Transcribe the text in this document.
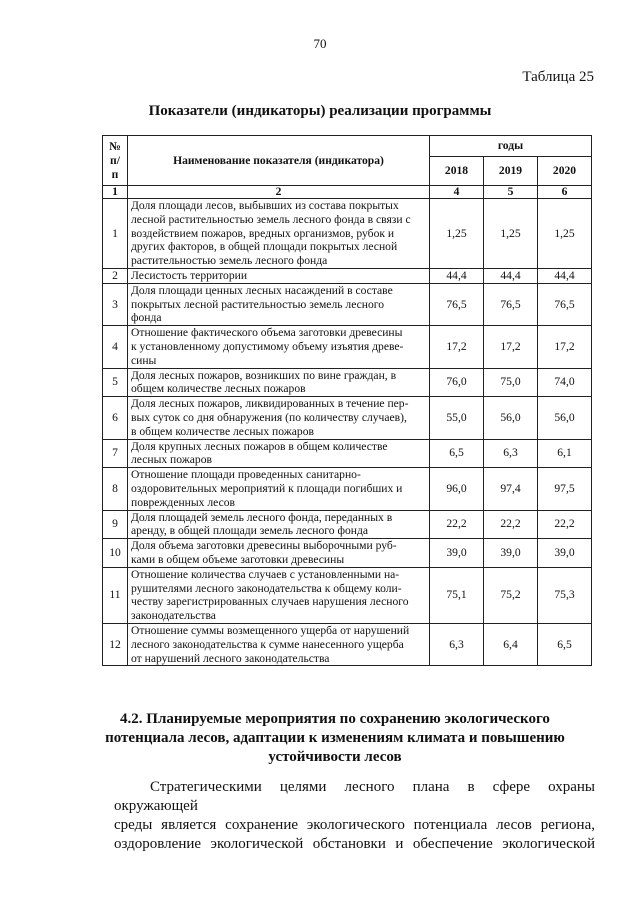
70
Таблица 25
Показатели (индикаторы) реализации программы
№
п/
п	Наименование показателя (индикатора)	годы		
		2018	2019	2020
1	2	4	5	6
1	Доля площади лесов, выбывших из состава покрытых
лесной растительностью земель лесного фонда в связи с
воздействием пожаров, вредных организмов, рубок и
других факторов, в общей площади покрытых лесной
растительностью земель лесного фонда	1,25	1,25	1,25
2	Лесистость территории	44,4	44,4	44,4
3	Доля площади ценных лесных насаждений в составе
покрытых лесной растительностью земель лесного
фонда	76,5	76,5	76,5
4	Отношение фактического объема заготовки древесины
к установленному допустимому объему изъятия древе-
сины	17,2	17,2	17,2
5	Доля лесных пожаров, возникших по вине граждан, в
общем количестве лесных пожаров	76,0	75,0	74,0
6	Доля лесных пожаров, ликвидированных в течение пер-
вых суток со дня обнаружения (по количеству случаев),
в общем количестве лесных пожаров	55,0	56,0	56,0
7	Доля крупных лесных пожаров в общем количестве
лесных пожаров	6,5	6,3	6,1
8	Отношение площади проведенных санитарно-
оздоровительных мероприятий к площади погибших и
поврежденных лесов	96,0	97,4	97,5
9	Доля площадей земель лесного фонда, переданных в
аренду, в общей площади земель лесного фонда	22,2	22,2	22,2
10	Доля объема заготовки древесины выборочными руб-
ками в общем объеме заготовки древесины	39,0	39,0	39,0
11	Отношение количества случаев с установленными на-
рушителями лесного законодательства к общему коли-
честву зарегистрированных случаев нарушения лесного
законодательства	75,1	75,2	75,3
12	Отношение суммы возмещенного ущерба от нарушений
лесного законодательства к сумме нанесенного ущерба
от нарушений лесного законодательства	6,3	6,4	6,5
4.2. Планируемые мероприятия по сохранению экологического
потенциала лесов, адаптации к изменениям климата и повышению
устойчивости лесов
Стратегическими целями лесного плана в сфере охраны окружающей
среды является сохранение экологического потенциала лесов региона,
оздоровление экологической обстановки и обеспечение экологической
